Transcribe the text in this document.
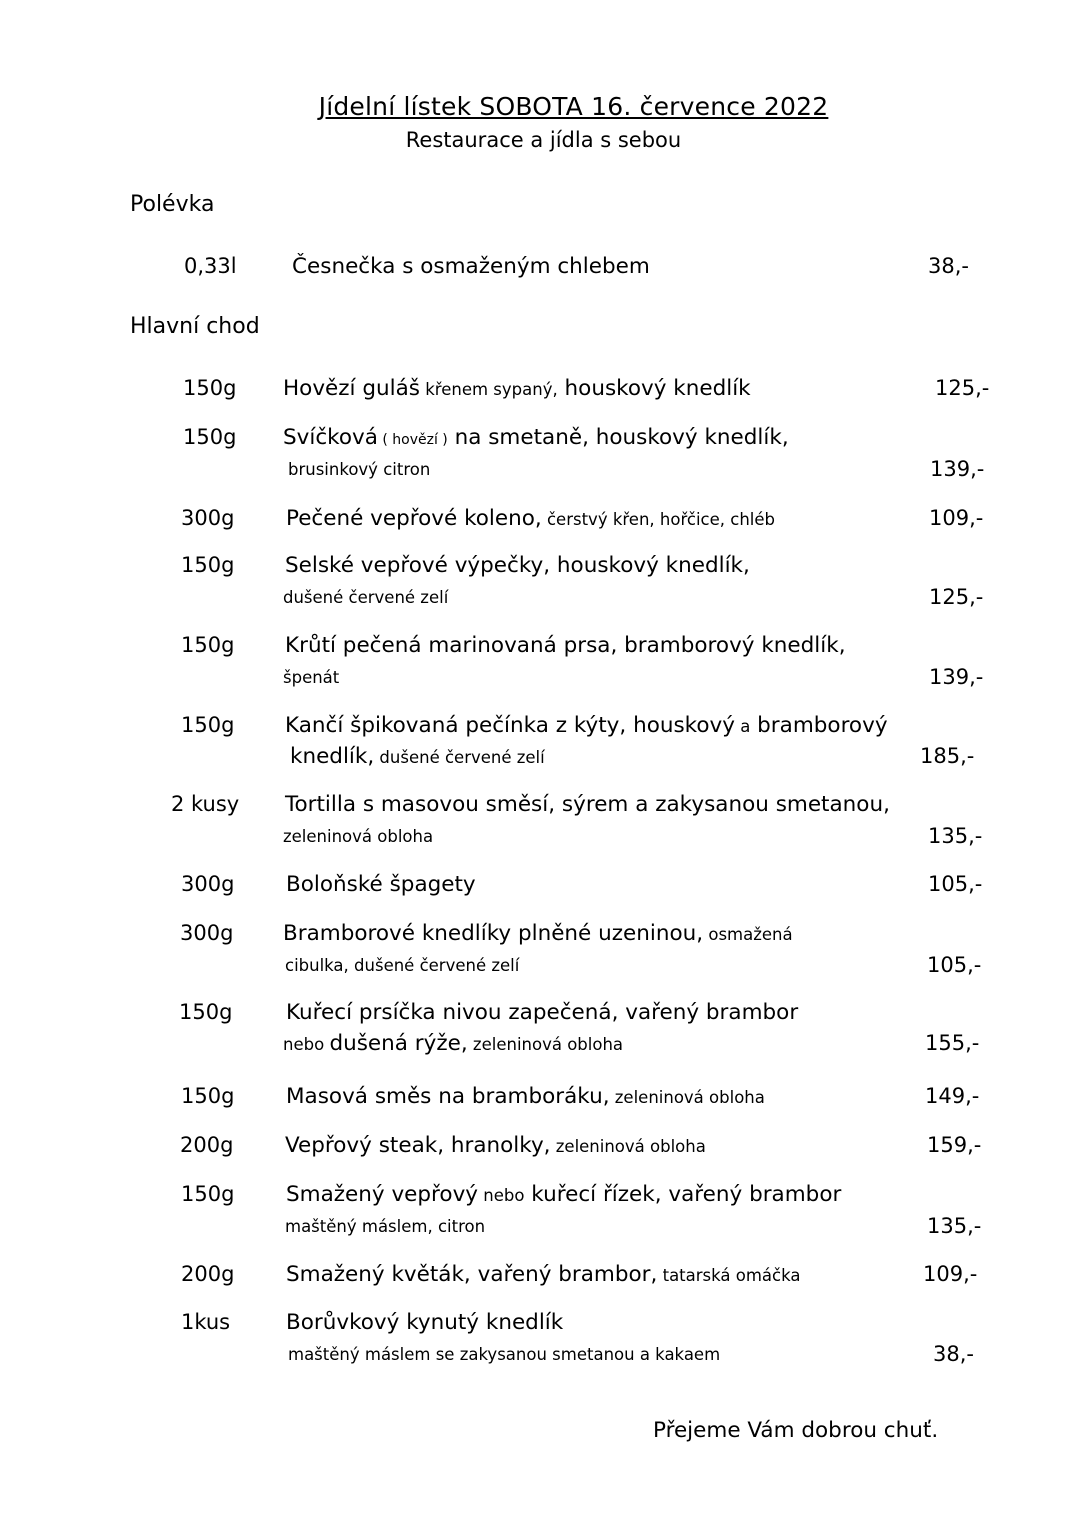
Jídelní lístek SOBOTA 16. července 2022
Restaurace a jídla s sebou
Polévka
0,33l	Česnečka s osmaženým chlebem	38,-
Hlavní chod
150g Hovězí guláš křenem sypaný, houskový knedlík	125,-
150g Svíčková ( hovězí ) na smetaně, houskový knedlík,
brusinkový citron	139,-
300g Pečené vepřové koleno, čerstvý křen, hořčice, chléb	109,-
150g Selské vepřové výpečky, houskový knedlík,
dušené červené zelí	125,-
150g Krůtí pečená marinovaná prsa, bramborový knedlík,
špenát	139,-
150g Kančí špikovaná pečínka z kýty, houskový a bramborový
knedlík, dušené červené zelí	185,-
2 kusy Tortilla s masovou směsí, sýrem a zakysanou smetanou,
zeleninová obloha	135,-
300g Boloňské špagety	105,-
300g Bramborové knedlíky plněné uzeninou, osmažená
cibulka, dušené červené zelí	105,-
150g Kuřecí prsíčka nivou zapečená, vařený brambor
nebo dušená rýže, zeleninová obloha	155,-
150g Masová směs na bramboráku, zeleninová obloha	149,-
200g Vepřový steak, hranolky, zeleninová obloha	159,-
150g Smažený vepřový nebo kuřecí řízek, vařený brambor
maštěný máslem, citron	135,-
200g Smažený květák, vařený brambor, tatarská omáčka	109,-
1kus	Borůvkový kynutý knedlík
maštěný máslem se zakysanou smetanou a kakaem	38,-
Přejeme Vám dobrou chuť.
